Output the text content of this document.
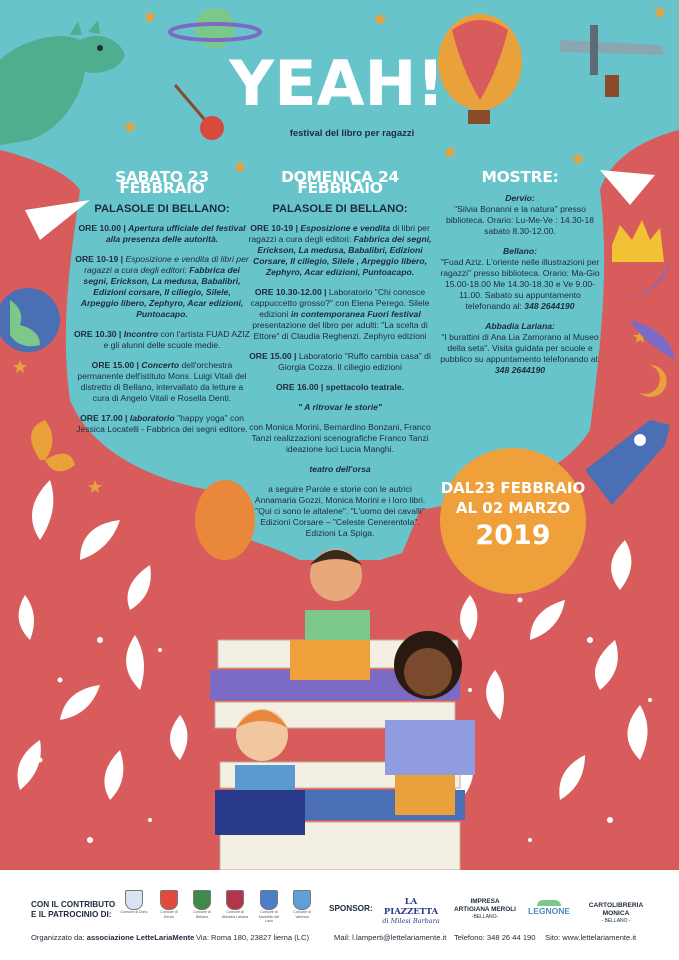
YEAH!
festival del libro per ragazzi
SABATO 23 FEBBRAIO
PALASOLE DI BELLANO:

ORE 10.00 | Apertura ufficiale del festival alla presenza delle autorità.

ORE 10-19 | Esposizione e vendita di libri per ragazzi a cura degli editori: Fabbrica dei segni, Erickson, La medusa, Babalibri, Edizioni corsare, Il ciliegio, Silele, Arpeggio libero, Zephyro, Acar edizioni, Puntoacapo.

ORE 10.30 | Incontro con l'artista FUAD AZIZ e gli alunni delle scuole medie.

ORE 15.00 | Concerto dell'orchestra permanente dell'istituto Mons. Luigi Vitali del distretto di Bellano, intervallato da letture a cura di Angelo Vitali e Rosella Denti.

ORE 17.00 | laboratorio "happy yoga" con Jessica Locatelli - Fabbrica dei segni editore.

DOMENICA 24 FEBBRAIO
PALASOLE DI BELLANO:

ORE 10-19 | Esposizione e vendita di libri per ragazzi a cura degli editori: Fabbrica dei segni, Erickson, La medusa, Babalibri, Edizioni Corsare, Il ciliegio, Silele , Arpeggio libero, Zephyro, Acar edizioni, Puntoacapo.

ORE 10.30-12.00 | Laboratorio "Chi conosce cappuccetto grosso?" con Elena Perego. Silele edizioni in contemporanea Fuori festival presentazione del libro per adulti: "La scelta di Ettore" di Claudia Reghenzi. Zephyro edizioni

ORE 15.00 | Laboratorio "Ruffo cambia casa" di Giorgia Cozza. Il ciliegio edizioni

ORE 16.00 | spettacolo teatrale.

" A ritrovar le storie"

con Monica Morini, Bernardino Bonzani, Franco Tanzi realizzazioni scenografiche Franco Tanzi ideazione luci Lucia Manghi.

teatro dell'orsa

a seguire Parole e storie con le autrici Annamaria Gozzi, Monica Morini e i loro libri. "Qui ci sono le altalene". "L'uomo dei cavalli" Edizioni Corsare – "Celeste Cenerentola". Edizioni La Spiga.

MOSTRE:

Dervio:

"Silvia Bonanni e la natura" presso biblioteca. Orario: Lu-Me-Ve : 14.30-18 sabato 8.30-12.00.

Bellano:

"Fuad Aziz. L'oriente nelle illustrazioni per ragazzi" presso biblioteca. Orario: Ma-Gio 15.00-18.00 Me 14.30-18.30 e Ve 9.00-11.00. Sabato su appuntamento telefonando al: 348 2644190

Abbadia Lariana:

"I burattini di Ana Lia Zamorano al Museo della seta". Visita guidata per scuole e pubblico su appuntamento telefonando al: 348 2644190

DAL23 FEBBRAIO
AL 02 MARZO
2019
CON IL CONTRIBUTO
E IL PATROCINIO DI:	Comune di Dorio	Comune di Dervio
Comune di Bellano
Comune di Abbadia Lariana
Comune di Mandello del Lario
Comune di Varenna
SPONSOR:
LA PIAZZETTA
di Milesi Barbara
IMPRESA
ARTIGIANA MEROLI
-BELLANO-
LEGNONE
CARTOLIBRERIA MONICA
- BELLANO -
Organizzato da: associazione LetteLariaMente Via: Roma 180, 23827 lierna (LC)	Mail: l.lamperti@lettelariamente.it Telefono: 348 26 44 190 Sito: www.lettelariamente.it
